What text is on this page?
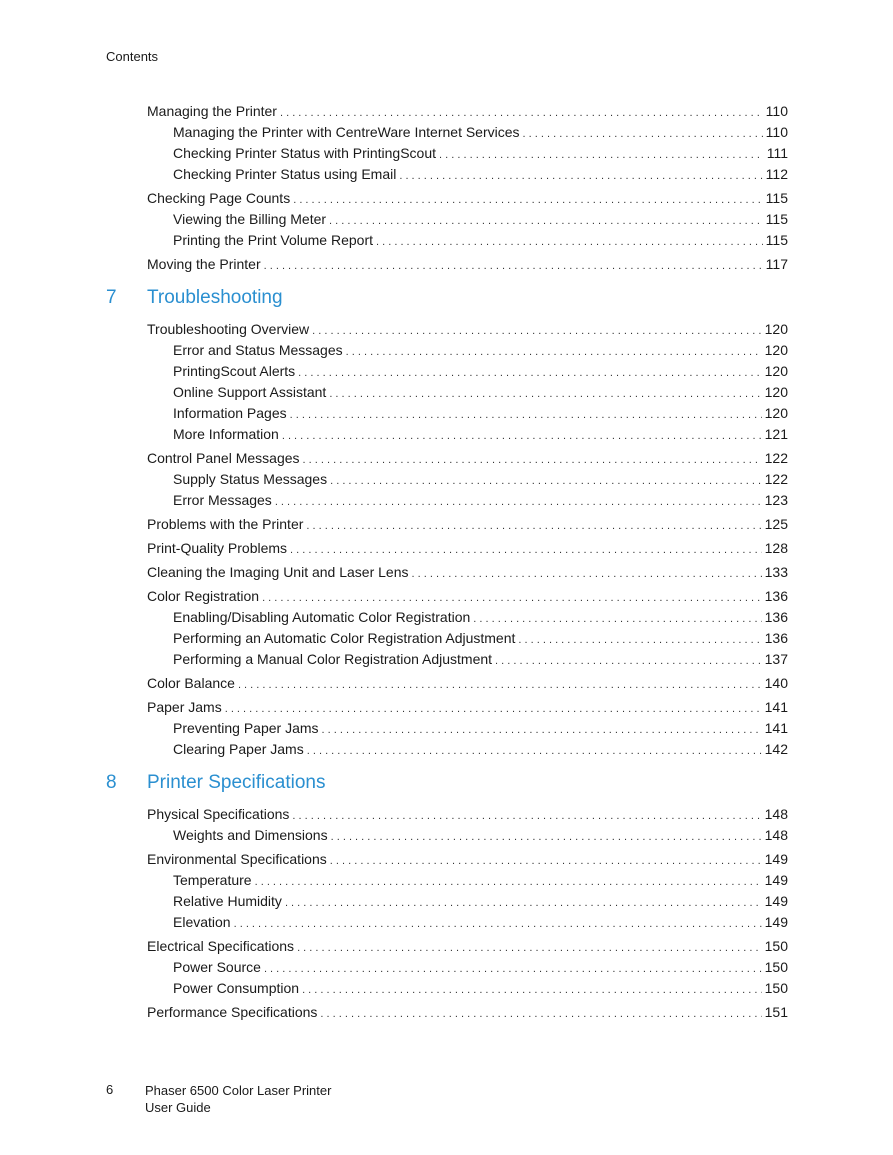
Contents
Managing the Printer . . .	110
Managing the Printer with CentreWare Internet Services . . .	110
Checking Printer Status with PrintingScout . . .	111
Checking Printer Status using Email . . .	112
Checking Page Counts . . .	115
Viewing the Billing Meter . . .	115
Printing the Print Volume Report . . .	115
Moving the Printer . . .	117
7	Troubleshooting
Troubleshooting Overview . . .	120
Error and Status Messages . . .	120
PrintingScout Alerts . . .	120
Online Support Assistant . . .	120
Information Pages . . .	120
More Information . . .	121
Control Panel Messages . . .	122
Supply Status Messages . . .	122
Error Messages . . .	123
Problems with the Printer . . .	125
Print-Quality Problems . . .	128
Cleaning the Imaging Unit and Laser Lens . . .	133
Color Registration . . .	136
Enabling/Disabling Automatic Color Registration . . .	136
Performing an Automatic Color Registration Adjustment . . .	136
Performing a Manual Color Registration Adjustment . . .	137
Color Balance . . .	140
Paper Jams . . .	141
Preventing Paper Jams . . .	141
Clearing Paper Jams . . .	142
8	Printer Specifications
Physical Specifications . . .	148
Weights and Dimensions . . .	148
Environmental Specifications . . .	149
Temperature . . .	149
Relative Humidity . . .	149
Elevation . . .	149
Electrical Specifications . . .	150
Power Source . . .	150
Power Consumption . . .	150
Performance Specifications . . .	151
6 Phaser 6500 Color Laser Printer
User Guide
